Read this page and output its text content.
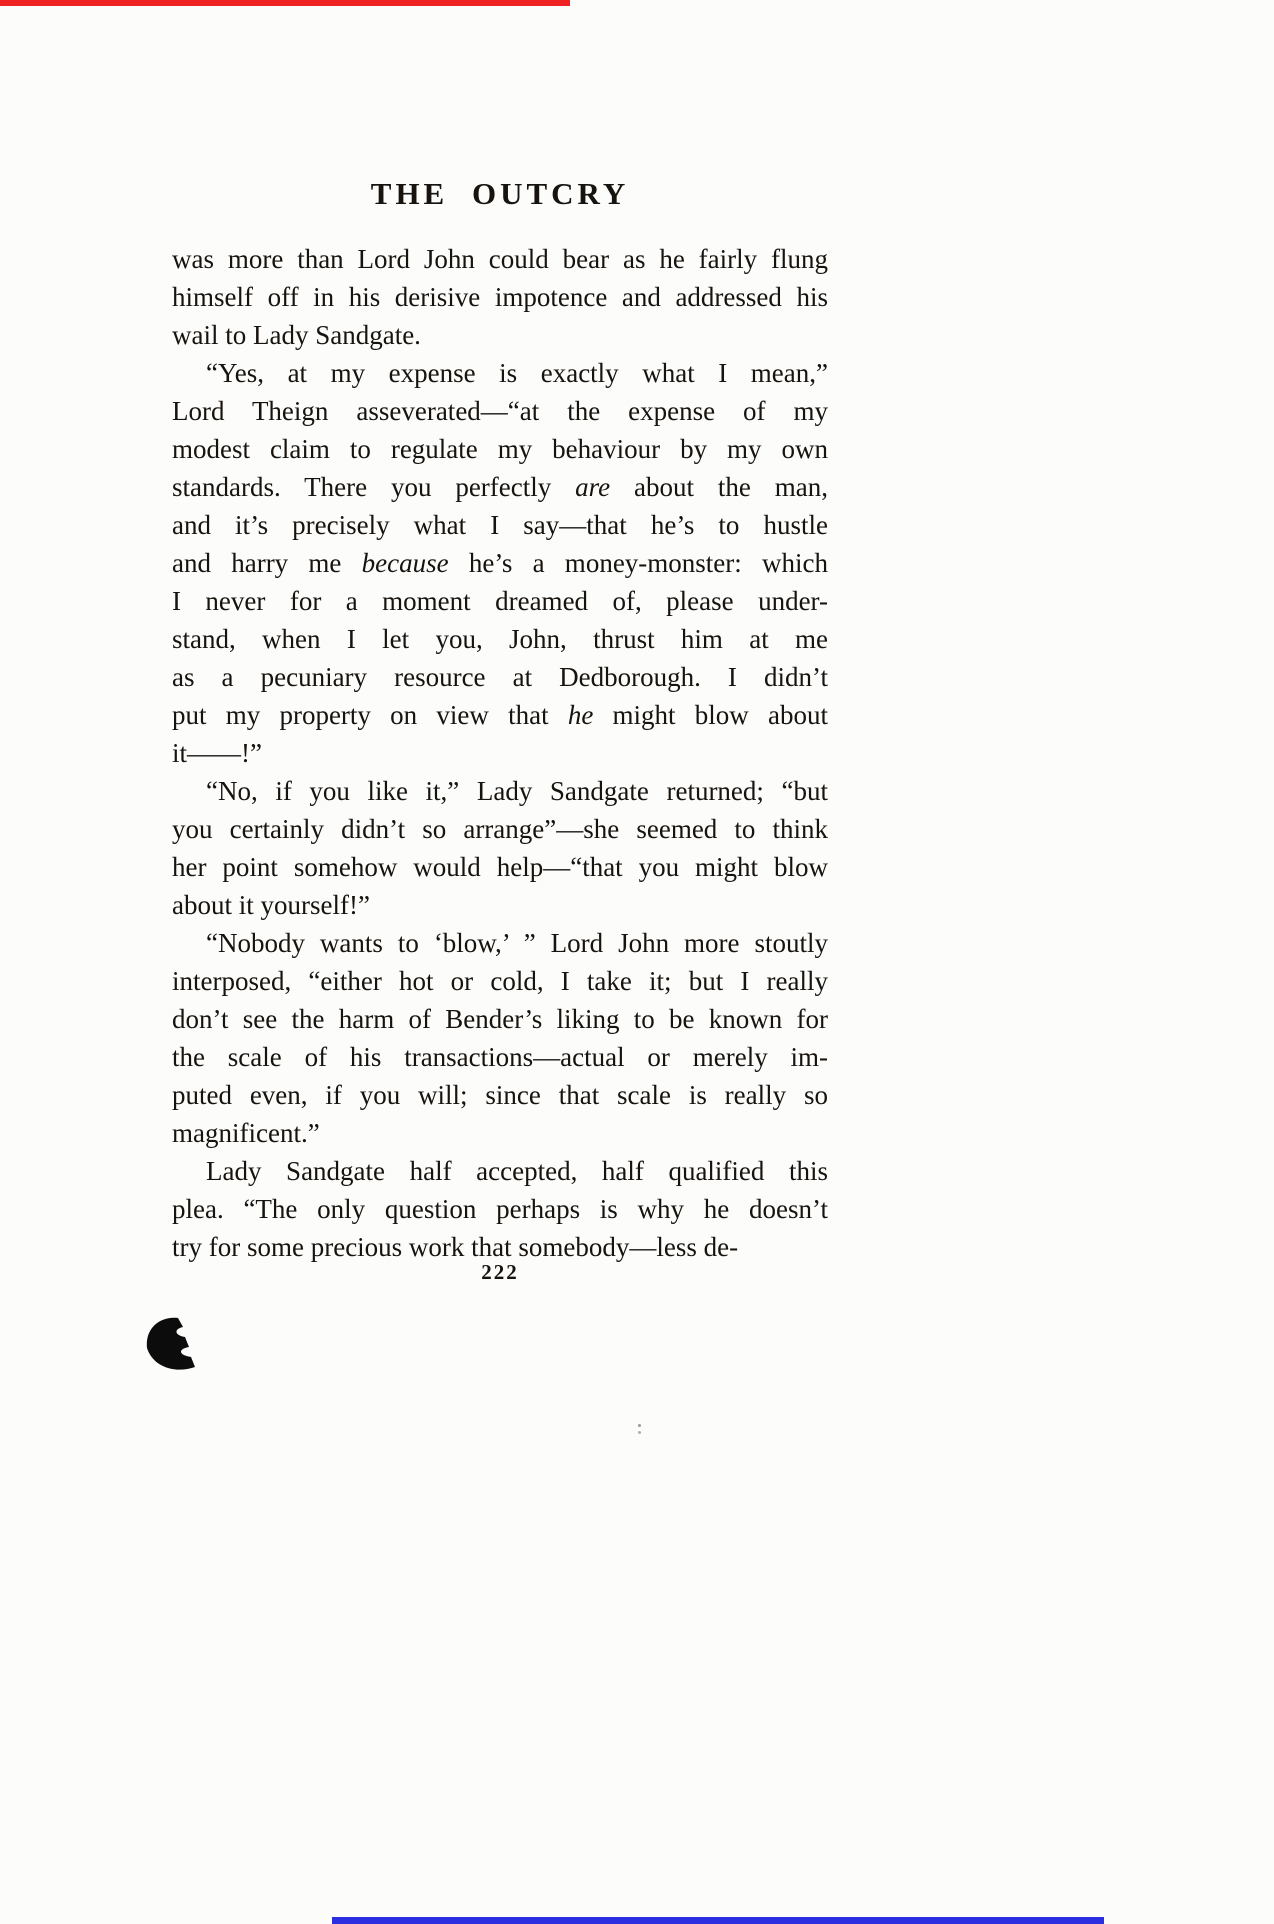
THE OUTCRY
was more than Lord John could bear as he fairly flung
himself off in his derisive impotence and addressed his
wail to Lady Sandgate.
“Yes, at my expense is exactly what I mean,”
Lord Theign asseverated—“at the expense of my
modest claim to regulate my behaviour by my own
standards. There you perfectly are about the man,
and it’s precisely what I say—that he’s to hustle
and harry me because he’s a money-monster: which
I never for a moment dreamed of, please under-
stand, when I let you, John, thrust him at me
as a pecuniary resource at Dedborough. I didn’t
put my property on view that he might blow about
it——!”
“No, if you like it,” Lady Sandgate returned; “but
you certainly didn’t so arrange”—she seemed to think
her point somehow would help—“that you might blow
about it yourself!”
“Nobody wants to ‘blow,’ ” Lord John more stoutly
interposed, “either hot or cold, I take it; but I really
don’t see the harm of Bender’s liking to be known for
the scale of his transactions—actual or merely im-
puted even, if you will; since that scale is really so
magnificent.”
Lady Sandgate half accepted, half qualified this
plea. “The only question perhaps is why he doesn’t
try for some precious work that somebody—less de-
222
